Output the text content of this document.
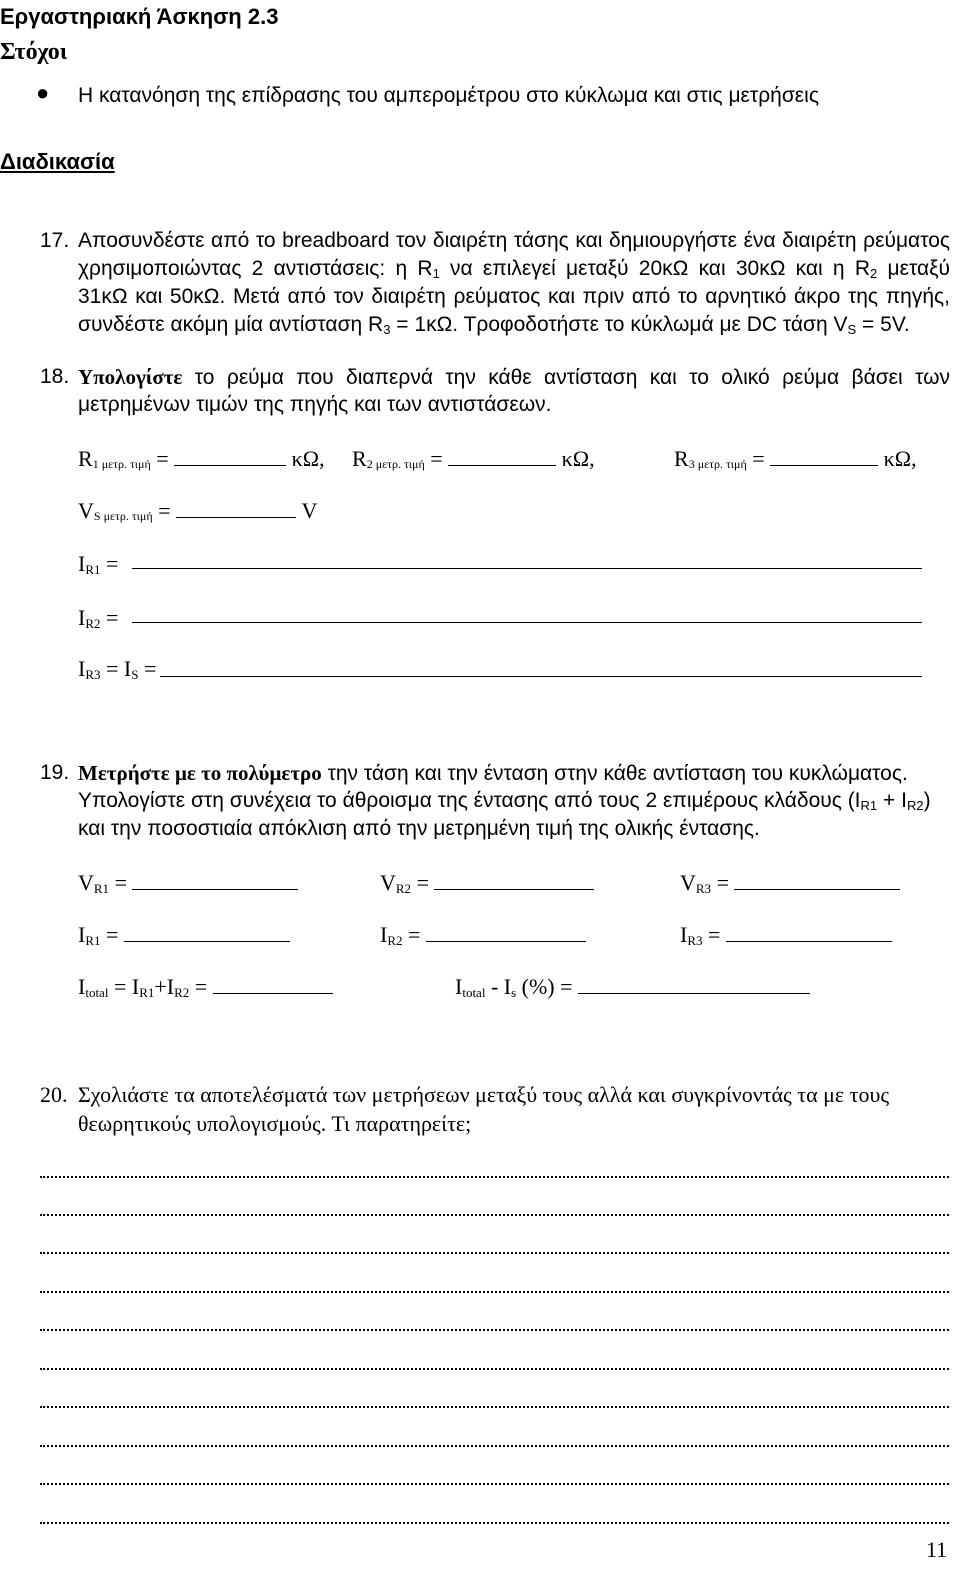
Εργαστηριακή Άσκηση 2.3
Στόχοι
● Η κατανόηση της επίδρασης του αμπερομέτρου στο κύκλωμα και στις μετρήσεις
Διαδικασία
17. Αποσυνδέστε από το breadboard τον διαιρέτη τάσης και δημιουργήστε ένα διαιρέτη ρεύματος
χρησιμοποιώντας 2 αντιστάσεις: η R1 να επιλεγεί μεταξύ 20κΩ και 30κΩ και η R2 μεταξύ
31κΩ και 50κΩ. Μετά από τον διαιρέτη ρεύματος και πριν από το αρνητικό άκρο της πηγής,
συνδέστε ακόμη μία αντίσταση R3 = 1κΩ. Τροφοδοτήστε το κύκλωμά με DC τάση VS = 5V.
18. Υπολογίστε το ρεύμα που διαπερνά την κάθε αντίσταση και το ολικό ρεύμα βάσει των
μετρημένων τιμών της πηγής και των αντιστάσεων.
R1 μετρ. τιμή =	κΩ, R2 μετρ. τιμή =	κΩ,	R3 μετρ. τιμή =	κΩ,
VS μετρ. τιμή =	V
IR1 =
IR2 =
IR3 = IS =
19. Μετρήστε με το πολύμετρο την τάση και την ένταση στην κάθε αντίσταση του κυκλώματος.
Υπολογίστε στη συνέχεια το άθροισμα της έντασης από τους 2 επιμέρους κλάδους (IR1 + IR2)
και την ποσοστιαία απόκλιση από την μετρημένη τιμή της ολικής έντασης.
VR1 =	VR2 =	VR3 =
IR1 =	IR2 =	IR3 =
Itotal = IR1+IR2 =	Itotal - Is (%) =
20. Σχολιάστε τα αποτελέσματά των μετρήσεων μεταξύ τους αλλά και συγκρίνοντάς τα με τους
θεωρητικούς υπολογισμούς. Τι παρατηρείτε;
11
